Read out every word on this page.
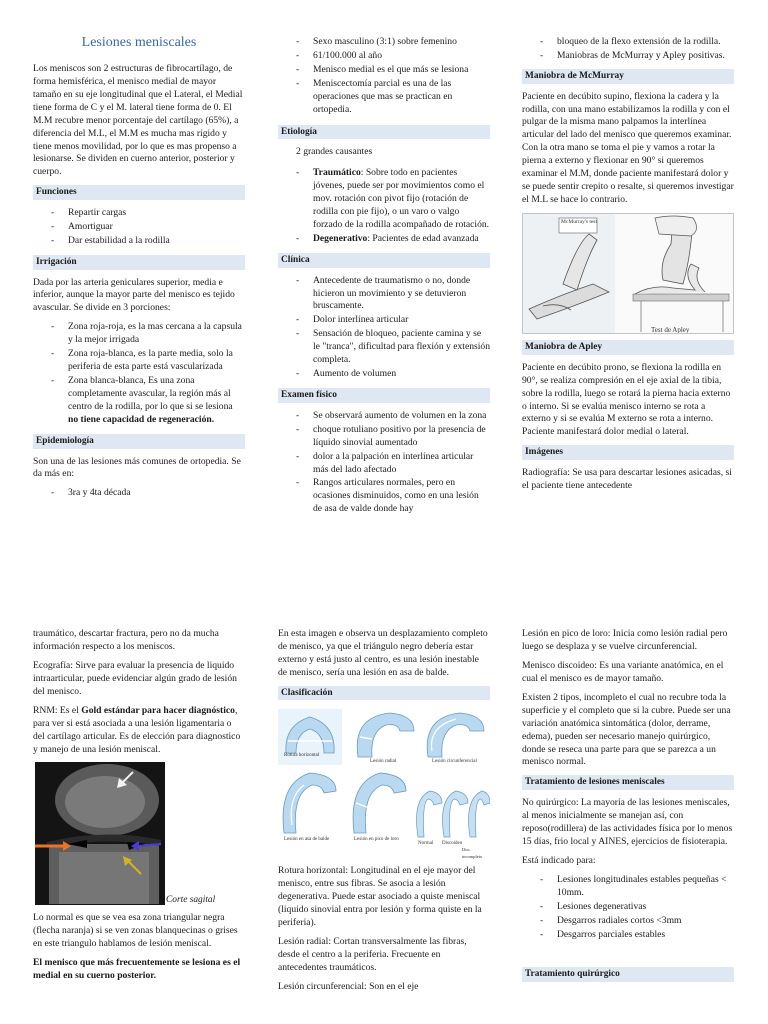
Lesiones meniscales

Los meniscos son 2 estructuras de fibrocartílago, de forma hemisférica, el menisco medial de mayor tamaño en su eje longitudinal que el Lateral, el Medial tiene forma de C y el M. lateral tiene forma de 0. El M.M recubre menor porcentaje del cartílago (65%), a diferencia del M.L, el M.M es mucha mas rígido y tiene menos movilidad, por lo que es mas propenso a lesionarse. Se dividen en cuerno anterior, posterior y cuerpo.

Funciones
- Repartir cargas
- Amortiguar
- Dar estabilidad a la rodilla
Irrigación

Dada por las arteria geniculares superior, media e inferior, aunque la mayor parte del menisco es tejido avascular. Se divide en 3 porciones:

- Zona roja-roja, es la mas cercana a la capsula y la mejor irrigada
- Zona roja-blanca, es la parte media, solo la periferia de esta parte está vascularizada
- Zona blanca-blanca, Es una zona completamente avascular, la región más al centro de la rodilla, por lo que si se lesiona no tiene capacidad de regeneración.
Epidemiología

Son una de las lesiones más comunes de ortopedia. Se da más en:

- 3ra y 4ta década
- Sexo masculino (3:1) sobre femenino
- 61/100.000 al año
- Menisco medial es el que más se lesiona
- Meniscectomía parcial es una de las operaciones que mas se practican en ortopedia.
Etiología

2 grandes causantes

- Traumático: Sobre todo en pacientes jóvenes, puede ser por movimientos como el mov. rotación con pivot fijo (rotación de rodilla con pie fijo), o un varo o valgo forzado de la rodilla acompañado de rotación.
- Degenerativo: Pacientes de edad avanzada
Clínica
- Antecedente de traumatismo o no, donde hicieron un movimiento y se detuvieron bruscamente.
- Dolor interlínea articular
- Sensación de bloqueo, paciente camina y se le "tranca", dificultad para flexión y extensión completa.
- Aumento de volumen
Examen físico
- Se observará aumento de volumen en la zona
- choque rotuliano positivo por la presencia de líquido sinovial aumentado
- dolor a la palpación en interlínea articular más del lado afectado
- Rangos articulares normales, pero en ocasiones disminuidos, como en una lesión de asa de valde donde hay
- bloqueo de la flexo extensión de la rodilla.
- Maniobras de McMurray y Apley positivas.
Maniobra de McMurray

Paciente en decúbito supino, flexiona la cadera y la rodilla, con una mano estabilizamos la rodilla y con el pulgar de la misma mano palpamos la interlínea articular del lado del menisco que queremos examinar. Con la otra mano se toma el pie y vamos a rotar la pierna a externo y flexionar en 90° si queremos examinar el M.M, donde paciente manifestará dolor y se puede sentir crepito o resalte, si queremos investigar el M.L se hace lo contrario.

McMurray's test
Test de Apley
Maniobra de Apley

Paciente en decúbito prono, se flexiona la rodilla en 90°, se realiza compresión en el eje axial de la tibia, sobre la rodilla, luego se rotará la pierna hacia externo o interno. Si se evalúa menisco interno se rota a externo y si se evalúa M externo se rota a interno. Paciente manifestará dolor medial o lateral.

Imágenes

Radiografía: Se usa para descartar lesiones asicadas, si el paciente tiene antecedente

traumático, descartar fractura, pero no da mucha información respecto a los meniscos.

Ecografía: Sirve para evaluar la presencia de liquido intraarticular, puede evidenciar algún grado de lesión del menisco.

RNM: Es el Gold estándar para hacer diagnóstico, para ver si está asociada a una lesión ligamentaria o del cartílago articular. Es de elección para diagnostico y manejo de una lesión meniscal.

Corte sagital

Lo normal es que se vea esa zona triangular negra (flecha naranja) si se ven zonas blanquecinas o grises en este triangulo hablamos de lesión meniscal.

El menisco que más frecuentemente se lesiona es el medial en su cuerno posterior.

En esta imagen e observa un desplazamiento completo de menisco, ya que el triángulo negro debería estar externo y está justo al centro, es una lesión inestable de menisco, sería una lesión en asa de balde.

Clasificación
Rotura horizontal
Lesión radial	Lesión circunferencial
Lesión en asa de balde	Lesión en pico de loro
Normal Discoideo
Disc. incompleto

Rotura horizontal: Longitudinal en el eje mayor del menisco, entre sus fibras. Se asocia a lesión degenerativa. Puede estar asociado a quiste meniscal (liquido sinovial entra por lesión y forma quiste en la periferia).

Lesión radial: Cortan transversalmente las fibras, desde el centro a la periferia. Frecuente en antecedentes traumáticos.

Lesión circunferencial: Son en el eje

Lesión en pico de loro: Inicia como lesión radial pero luego se desplaza y se vuelve circunferencial.

Menisco discoideo: Es una variante anatómica, en el cual el menisco es de mayor tamaño.

Existen 2 tipos, incompleto el cual no recubre toda la superficie y el completo que si la cubre. Puede ser una variación anatómica sintomática (dolor, derrame, edema), pueden ser necesario manejo quirúrgico, donde se reseca una parte para que se parezca a un menisco normal.

Tratamiento de lesiones meniscales

No quirúrgico: La mayoría de las lesiones meniscales, al menos inicialmente se manejan así, con reposo(rodillera) de las actividades física por lo menos 15 días, frio local y AINES, ejercicios de fisioterapia.

Está indicado para:

- Lesiones longitudinales estables pequeñas < 10mm.
- Lesiones degenerativas
- Desgarros radiales cortos <3mm
- Desgarros parciales estables
Tratamiento quirúrgico
